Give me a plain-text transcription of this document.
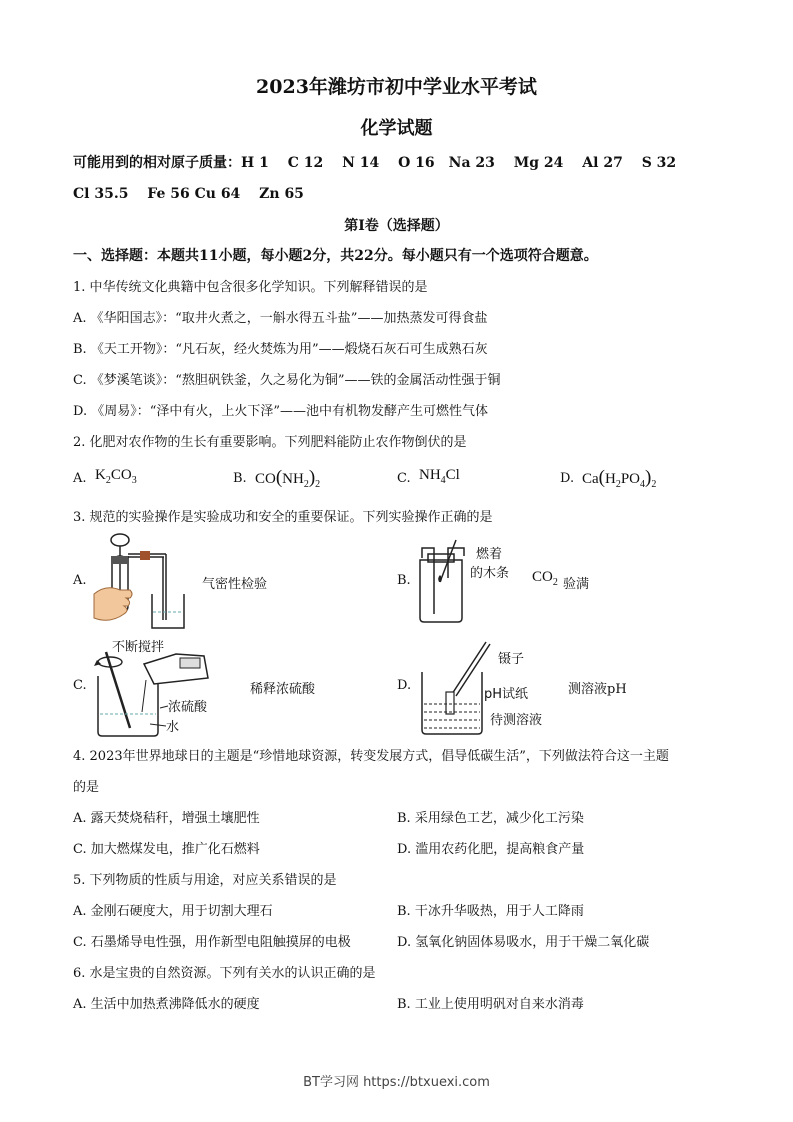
2023年潍坊市初中学业水平考试
化学试题
可能用到的相对原子质量：H 1　 C 12　 N 14　 O 16　Na 23　 Mg 24　 Al 27　 S 32
Cl 35.5　 Fe 56 Cu 64　 Zn 65
第Ⅰ卷（选择题）
一、选择题：本题共11小题，每小题2分，共22分。每小题只有一个选项符合题意。
1. 中华传统文化典籍中包含很多化学知识。下列解释错误的是
A. 《华阳国志》：“取井火煮之，一斛水得五斗盐”——加热蒸发可得食盐
B. 《天工开物》：“凡石灰，经火焚炼为用”——煅烧石灰石可生成熟石灰
C. 《梦溪笔谈》：“熬胆矾铁釜，久之易化为铜”——铁的金属活动性强于铜
D. 《周易》：“泽中有火，上火下泽”——池中有机物发酵产生可燃性气体
2. 化肥对农作物的生长有重要影响。下列肥料能防止农作物倒伏的是
A. $K_2CO_3$	B. $CO(NH_2)_2$	C. $NH_4Cl$	D. $Ca(H_2PO_4)_2$
3. 规范的实验操作是实验成功和安全的重要保证。下列实验操作正确的是
A.	气密性检验	B.
燃着
的木条 $CO_2$ 验满
C.
不断搅拌
浓硫酸
水
稀释浓硫酸	D.
镊子
pH试纸
待测溶液
测溶液pH
4. 2023年世界地球日的主题是“珍惜地球资源，转变发展方式，倡导低碳生活”，下列做法符合这一主题
的是
A. 露天焚烧秸秆，增强土壤肥性	B. 采用绿色工艺，减少化工污染
C. 加大燃煤发电，推广化石燃料	D. 滥用农药化肥，提高粮食产量
5. 下列物质的性质与用途，对应关系错误的是
A. 金刚石硬度大，用于切割大理石	B. 干冰升华吸热，用于人工降雨
C. 石墨烯导电性强，用作新型电阻触摸屏的电极	D. 氢氧化钠固体易吸水，用于干燥二氧化碳
6. 水是宝贵的自然资源。下列有关水的认识正确的是
A. 生活中加热煮沸降低水的硬度	B. 工业上使用明矾对自来水消毒
BT学习网 https://btxuexi.com
